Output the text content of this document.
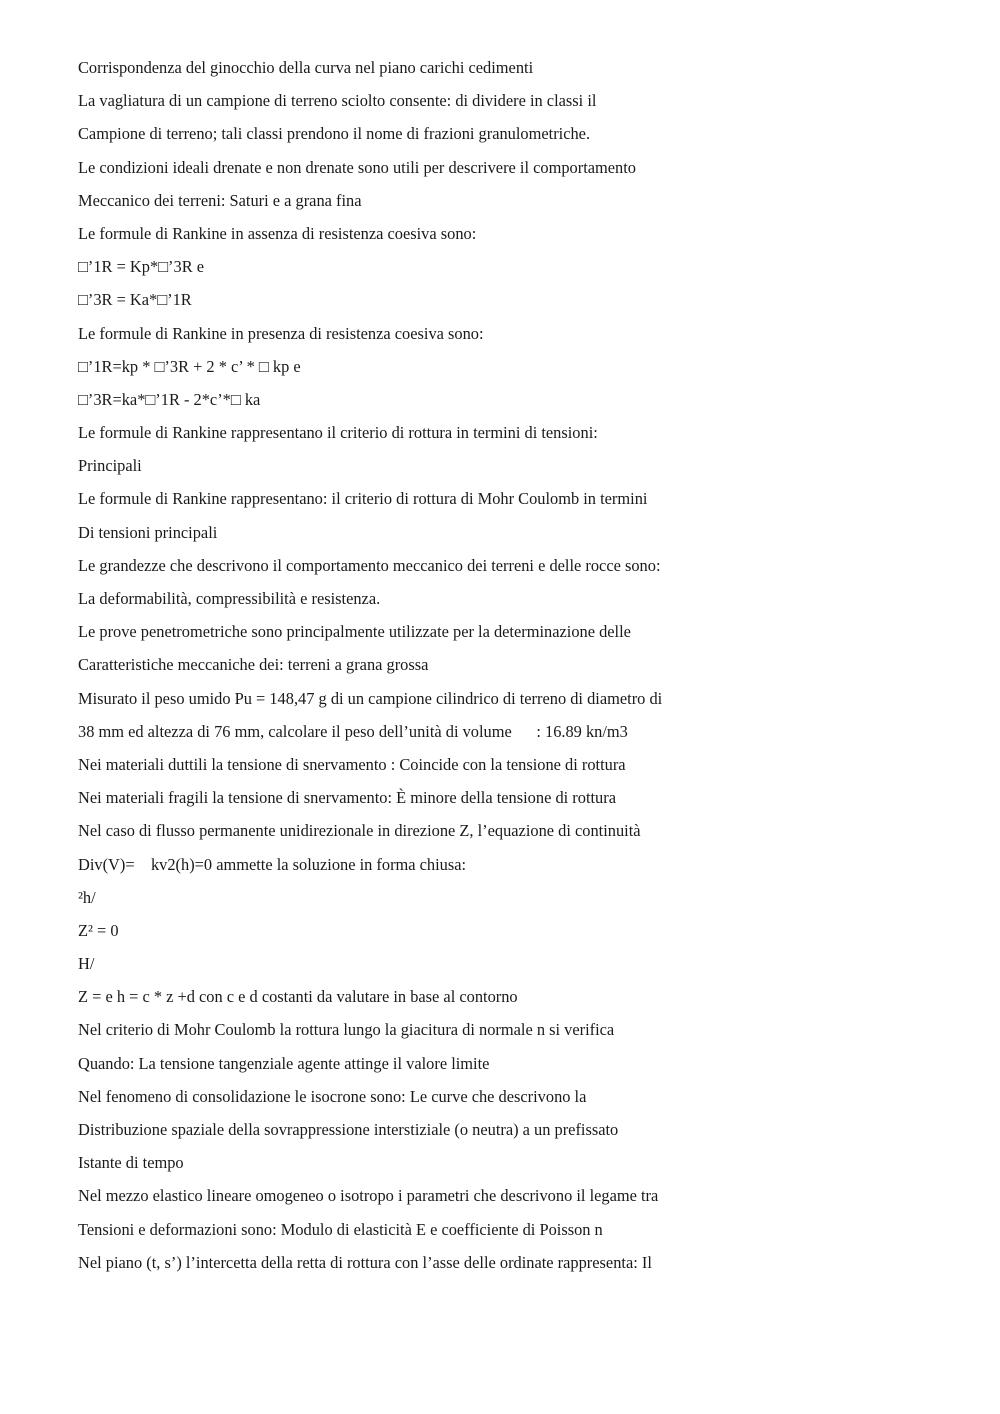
Corrispondenza del ginocchio della curva nel piano carichi cedimenti
La vagliatura di un campione di terreno sciolto consente: di dividere in classi il
Campione di terreno; tali classi prendono il nome di frazioni granulometriche.
Le condizioni ideali drenate e non drenate sono utili per descrivere il comportamento
Meccanico dei terreni: Saturi e a grana fina
Le formule di Rankine in assenza di resistenza coesiva sono:
□’1R = Kp*□’3R e
□’3R = Ka*□’1R
Le formule di Rankine in presenza di resistenza coesiva sono:
□’1R=kp * □’3R + 2 * c’ * □ kp e
□’3R=ka*□’1R - 2*c’*□ ka
Le formule di Rankine rappresentano il criterio di rottura in termini di tensioni:
Principali
Le formule di Rankine rappresentano: il criterio di rottura di Mohr Coulomb in termini
Di tensioni principali
Le grandezze che descrivono il comportamento meccanico dei terreni e delle rocce sono:
La deformabilità, compressibilità e resistenza.
Le prove penetrometriche sono principalmente utilizzate per la determinazione delle
Caratteristiche meccaniche dei: terreni a grana grossa
Misurato il peso umido Pu = 148,47 g di un campione cilindrico di terreno di diametro di
38 mm ed altezza di 76 mm, calcolare il peso dell’unità di volume      : 16.89 kn/m3
Nei materiali duttili la tensione di snervamento : Coincide con la tensione di rottura
Nei materiali fragili la tensione di snervamento: È minore della tensione di rottura
Nel caso di flusso permanente unidirezionale in direzione Z, l’equazione di continuità
Div(V)=    kv2(h)=0 ammette la soluzione in forma chiusa:
²h/
Z² = 0
H/
Z = e h = c * z +d con c e d costanti da valutare in base al contorno
Nel criterio di Mohr Coulomb la rottura lungo la giacitura di normale n si verifica
Quando: La tensione tangenziale agente attinge il valore limite
Nel fenomeno di consolidazione le isocrone sono: Le curve che descrivono la
Distribuzione spaziale della sovrappressione interstiziale (o neutra) a un prefissato
Istante di tempo
Nel mezzo elastico lineare omogeneo o isotropo i parametri che descrivono il legame tra
Tensioni e deformazioni sono: Modulo di elasticità E e coefficiente di Poisson n
Nel piano (t, s’) l’intercetta della retta di rottura con l’asse delle ordinate rappresenta: Il
